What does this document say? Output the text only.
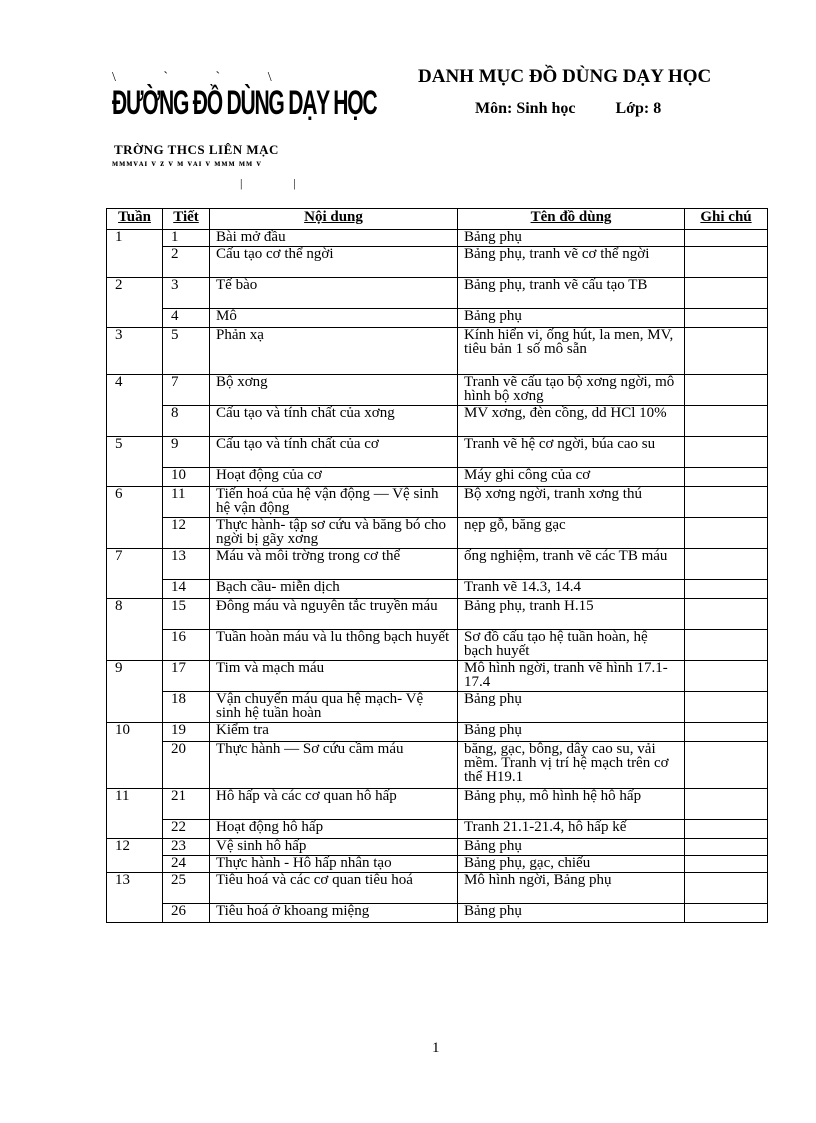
\ ` ` \
ĐƯỜNG ĐỒ DÙNG DẠY HỌC
TRỜNG THCS LIÊN MẠC
ᴍᴍᴍᴠᴀɪ ᴠ ᴢ ᴠ ᴍ ᴠᴀɪ ᴠ ᴍᴍᴍ ᴍᴍ ᴠ
| |
DANH MỤC ĐỒ DÙNG DẠY HỌC
Môn: Sinh học	Lớp: 8
Tuần	Tiết	Nội dung	Tên đồ dùng	Ghi chú
1	1	Bài mở đầu	Bảng phụ	
	2	Cấu tạo cơ thể ngời	Bảng phụ, tranh vẽ cơ thể ngời	
2	3	Tế bào	Bảng phụ, tranh vẽ cấu tạo TB	
	4	Mô	Bảng phụ	
3	5	Phản xạ	Kính hiển vi, ống hút, la men, MV, tiêu bản 1 số mô sẵn	
4	7	Bộ xơng	Tranh vẽ cấu tạo bộ xơng ngời, mô hình bộ xơng	
	8	Cấu tạo và tính chất của xơng	MV xơng, đèn cồng, dd HCl 10%	
5	9	Cấu tạo và tính chất của cơ	Tranh vẽ hệ cơ ngời, búa cao su	
	10	Hoạt động của cơ	Máy ghi công của cơ	
6	11	Tiến hoá của hệ vận động — Vệ sinh hệ vận động	Bộ xơng ngời, tranh xơng thú	
	12	Thực hành- tập sơ cứu và băng bó cho ngời bị gãy xơng	nẹp gỗ, băng gạc	
7	13	Máu và môi trờng trong cơ thể	ống nghiệm, tranh vẽ các TB máu	
	14	Bạch cầu- miễn dịch	Tranh vẽ 14.3, 14.4	
8	15	Đông máu và nguyên tắc truyền máu	Bảng phụ, tranh H.15	
	16	Tuần hoàn máu và lu thông bạch huyết	Sơ đồ cấu tạo hệ tuần hoàn, hệ bạch huyết	
9	17	Tim và mạch máu	Mô hình ngời, tranh vẽ hình 17.1-17.4	
	18	Vận chuyển máu qua hệ mạch- Vệ sinh hệ tuần hoàn	Bảng phụ	
10	19	Kiểm tra	Bảng phụ	
	20	Thực hành — Sơ cứu cầm máu	băng, gạc, bông, dây cao su, vải mềm. Tranh vị trí hệ mạch trên cơ thể H19.1	
11	21	Hô hấp và các cơ quan hô hấp	Bảng phụ, mô hình hệ hô hấp	
	22	Hoạt động hô hấp	Tranh 21.1-21.4, hô hấp kế	
12	23	Vệ sinh hô hấp	Bảng phụ	
	24	Thực hành - Hô hấp nhân tạo	Bảng phụ, gạc, chiếu	
13	25	Tiêu hoá và các cơ quan tiêu hoá	Mô hình ngời, Bảng phụ	
	26	Tiêu hoá ở khoang miệng	Bảng phụ	
1
